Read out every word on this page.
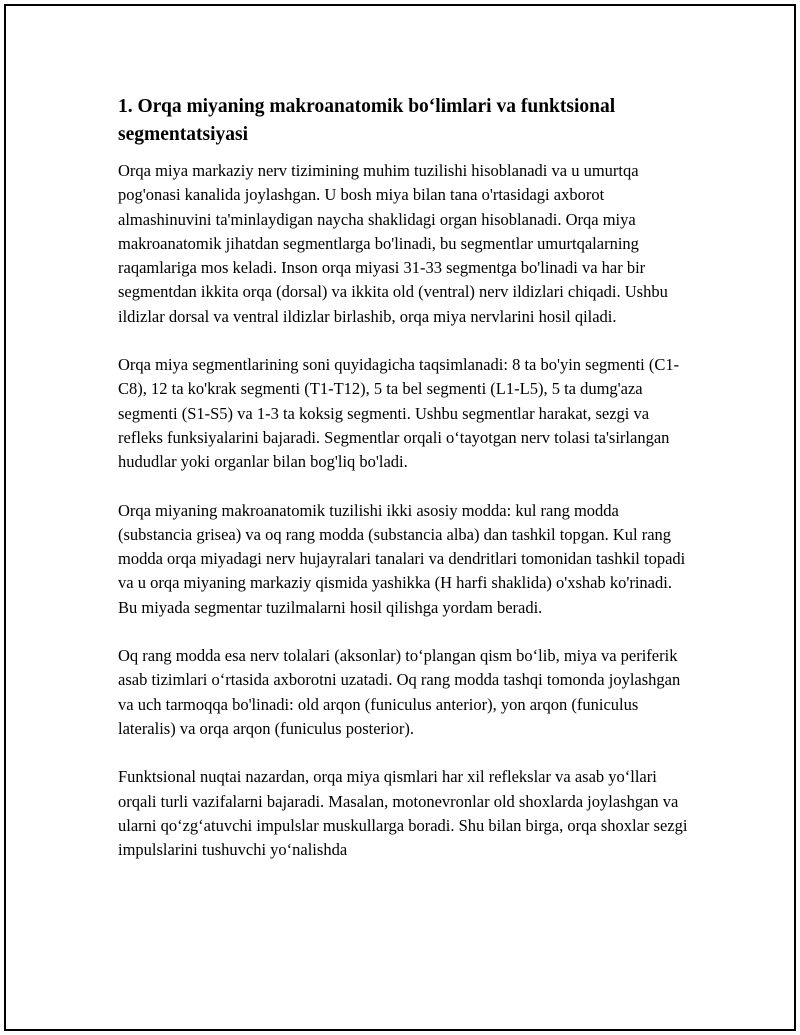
1. Orqa miyaning makroanatomik bo‘limlari va funktsional segmentatsiyasi

Orqa miya markaziy nerv tizimining muhim tuzilishi hisoblanadi va u umurtqa pog'onasi kanalida joylashgan. U bosh miya bilan tana o'rtasidagi axborot almashinuvini ta'minlaydigan naycha shaklidagi organ hisoblanadi. Orqa miya makroanatomik jihatdan segmentlarga bo'linadi, bu segmentlar umurtqalarning raqamlariga mos keladi. Inson orqa miyasi 31-33 segmentga bo'linadi va har bir segmentdan ikkita orqa (dorsal) va ikkita old (ventral) nerv ildizlari chiqadi. Ushbu ildizlar dorsal va ventral ildizlar birlashib, orqa miya nervlarini hosil qiladi.

Orqa miya segmentlarining soni quyidagicha taqsimlanadi: 8 ta bo'yin segmenti (C1-C8), 12 ta ko'krak segmenti (T1-T12), 5 ta bel segmenti (L1-L5), 5 ta dumg'aza segmenti (S1-S5) va 1-3 ta koksig segmenti. Ushbu segmentlar harakat, sezgi va refleks funksiyalarini bajaradi. Segmentlar orqali o‘tayotgan nerv tolasi ta'sirlangan hududlar yoki organlar bilan bog'liq bo'ladi.

Orqa miyaning makroanatomik tuzilishi ikki asosiy modda: kul rang modda (substancia grisea) va oq rang modda (substancia alba) dan tashkil topgan. Kul rang modda orqa miyadagi nerv hujayralari tanalari va dendritlari tomonidan tashkil topadi va u orqa miyaning markaziy qismida yashikka (H harfi shaklida) o'xshab ko'rinadi. Bu miyada segmentar tuzilmalarni hosil qilishga yordam beradi.

Oq rang modda esa nerv tolalari (aksonlar) to‘plangan qism bo‘lib, miya va periferik asab tizimlari o‘rtasida axborotni uzatadi. Oq rang modda tashqi tomonda joylashgan va uch tarmoqqa bo'linadi: old arqon (funiculus anterior), yon arqon (funiculus lateralis) va orqa arqon (funiculus posterior).

Funktsional nuqtai nazardan, orqa miya qismlari har xil reflekslar va asab yo‘llari orqali turli vazifalarni bajaradi. Masalan, motonevronlar old shoxlarda joylashgan va ularni qo‘zg‘atuvchi impulslar muskullarga boradi. Shu bilan birga, orqa shoxlar sezgi impulslarini tushuvchi yo‘nalishda
